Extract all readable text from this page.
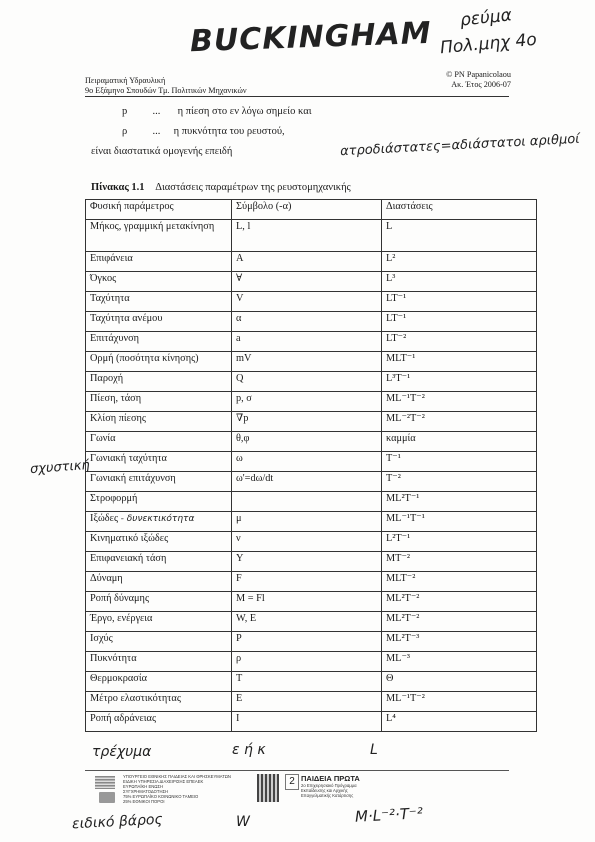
BUCKINGHAM ρεύμα
Πολ.μηχ 4ο
Πειραματική Υδραυλική
9ο Εξάμηνο Σπουδών Τμ. Πολιτικών Μηχανικών
© PN Papanicolaou
Ακ. Έτος 2006-07
p ... η πίεση στο εν λόγω σημείο και
ρ ... η πυκνότητα του ρευστού,
είναι διαστατικά ομογενής επειδή	ατροδιάστατες=αδιάστατοι αριθμοί
Πίνακας 1.1 Διαστάσεις παραμέτρων της ρευστομηχανικής
Φυσική παράμετρος	Σύμβολο (-α)	Διαστάσεις
Μήκος, γραμμική μετακίνηση	L, l	L
Επιφάνεια	A	L²
Όγκος	∀	L³
Ταχύτητα	V	LT⁻¹
Ταχύτητα ανέμου	α	LT⁻¹
Επιτάχυνση	a	LT⁻²
Ορμή (ποσότητα κίνησης)	mV	MLT⁻¹
Παροχή	Q	L³T⁻¹
Πίεση, τάση	p, σ	ML⁻¹T⁻²
Κλίση πίεσης	∇p	ML⁻²T⁻²
Γωνία	θ,φ	καμμία
Γωνιακή ταχύτητα	ω	T⁻¹
Γωνιακή επιτάχυνση	ω'=dω/dt	T⁻²
Στροφορμή		ML²T⁻¹
Ιξώδες - δυνεκτικότητα	μ	ML⁻¹T⁻¹
Κινηματικό ιξώδες	ν	L²T⁻¹
Επιφανειακή τάση	Y	MT⁻²
Δύναμη	F	MLT⁻²
Ροπή δύναμης	M = Fl	ML²T⁻²
Έργο, ενέργεια	W, E	ML²T⁻²
Ισχύς	P	ML²T⁻³
Πυκνότητα	ρ	ML⁻³
Θερμοκρασία	T	Θ
Μέτρο ελαστικότητας	E	ML⁻¹T⁻²
Ροπή αδράνειας	I	L⁴
σχυστική
τρέχυμα	ε ή κ	L
ΥΠΟΥΡΓΕΙΟ ΕΘΝΙΚΗΣ ΠΑΙΔΕΙΑΣ ΚΑΙ ΘΡΗΣΚΕΥΜΑΤΩΝ
ΕΙΔΙΚΗ ΥΠΗΡΕΣΙΑ ΔΙΑΧΕΙΡΙΣΗΣ ΕΠΕΑΕΚ
ΕΥΡΩΠΑΪΚΗ ΕΝΩΣΗ
ΣΥΓΧΡΗΜΑΤΟΔΟΤΗΣΗ
75% ΕΥΡΩΠΑΪΚΟ ΚΟΙΝΩΝΙΚΟ ΤΑΜΕΙΟ
25% ΕΘΝΙΚΟΙ ΠΟΡΟΙ
2 ΠΑΙΔΕΙΑ ΠΡΩΤΑ
2ο Επιχειρησιακό Πρόγραμμα
Εκπαίδευσης και Αρχικής
Επαγγελματικής Κατάρτισης
ειδικό βάρος	W	M·L⁻²·T⁻²
